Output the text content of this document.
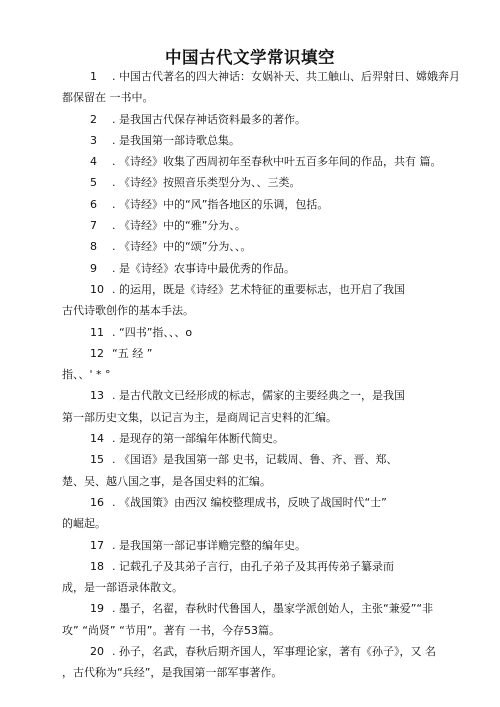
中国古代文学常识填空
1 . 中国古代著名的四大神话：女娲补天、共工触山、后羿射日、嫦娥奔月
都保留在 一书中。
2 . 是我国古代保存神话资料最多的著作。
3 . 是我国第一部诗歌总集。
4 . 《诗经》收集了西周初年至春秋中叶五百多年间的作品，共有 篇。
5 . 《诗经》按照音乐类型分为、、三类。
6 . 《诗经》中的“风”指各地区的乐调，包括。
7 . 《诗经》中的“雅”分为、。
8 . 《诗经》中的“颂”分为、、。
9 . 是《诗经》农事诗中最优秀的作品。
10 . 的运用，既是《诗经》艺术特征的重要标志，也开启了我国
古代诗歌创作的基本手法。
11 . “四书”指、、、o
12 “五 经 ”
指、、' * °
13 . 是古代散文已经形成的标志，儒家的主要经典之一，是我国
第一部历史文集，以记言为主，是商周记言史料的汇编。
14 . 是现存的第一部编年体断代简史。
15 . 《国语》是我国第一部 史书，记载周、鲁、齐、晋、郑、
楚、吴、越八国之事，是各国史料的汇编。
16 . 《战国策》由西汉 编校整理成书，反映了战国时代“士”
的崛起。
17 . 是我国第一部记事详赡完整的编年史。
18 . 记载孔子及其弟子言行，由孔子弟子及其再传弟子纂录而
成，是一部语录体散文。
19 . 墨子，名翟，春秋时代鲁国人，墨家学派创始人，主张“兼爱”“非
攻” “尚贤” “节用”。著有 一书，今存53篇。
20 . 孙子，名武，春秋后期齐国人，军事理论家，著有《孙子》，又 名
，古代称为“兵经”，是我国第一部军事著作。
